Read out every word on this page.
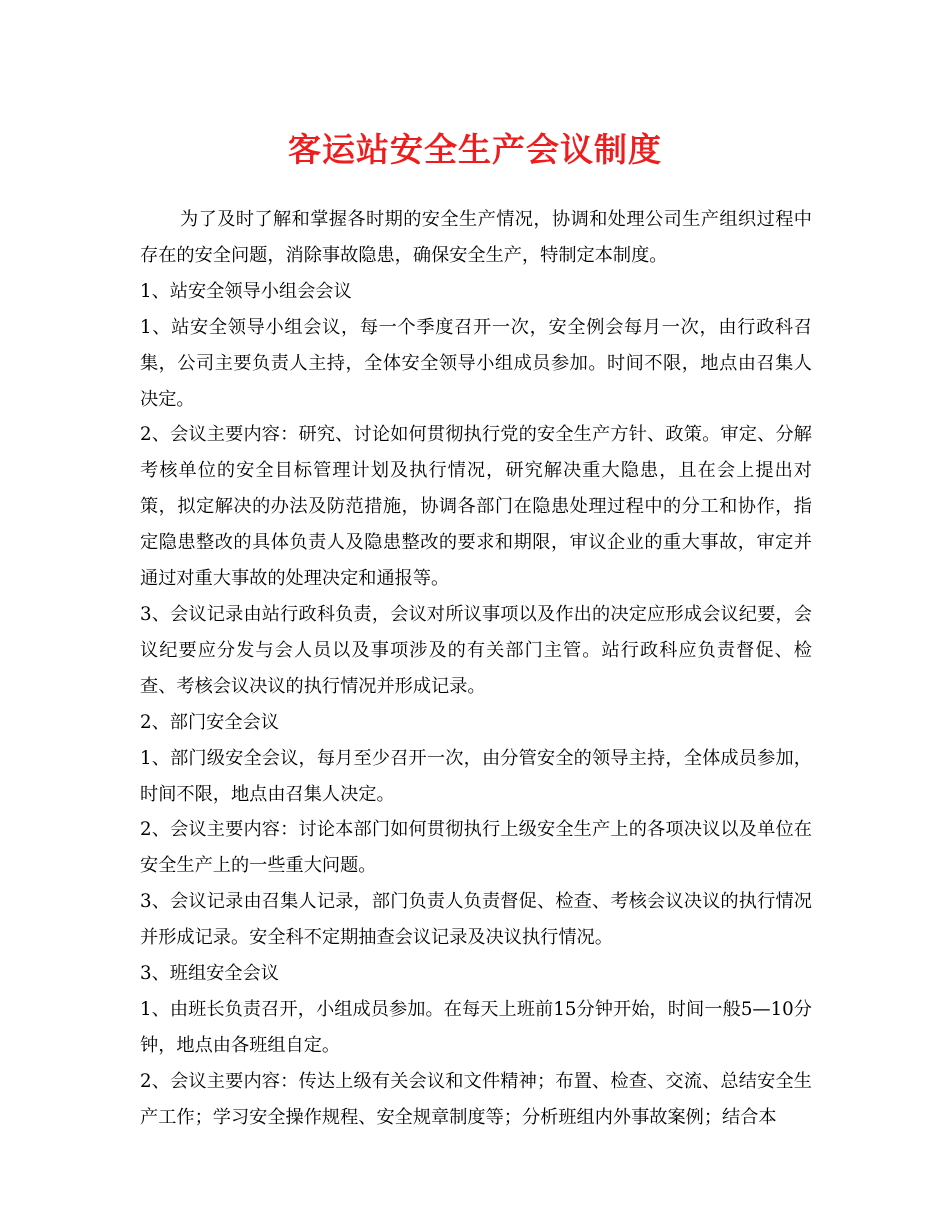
客运站安全生产会议制度

为了及时了解和掌握各时期的安全生产情况，协调和处理公司生产组织过程中存在的安全问题，消除事故隐患，确保安全生产，特制定本制度。

1、站安全领导小组会会议

1、站安全领导小组会议，每一个季度召开一次，安全例会每月一次，由行政科召集，公司主要负责人主持，全体安全领导小组成员参加。时间不限，地点由召集人决定。

2、会议主要内容：研究、讨论如何贯彻执行党的安全生产方针、政策。审定、分解考核单位的安全目标管理计划及执行情况，研究解决重大隐患，且在会上提出对策，拟定解决的办法及防范措施，协调各部门在隐患处理过程中的分工和协作，指定隐患整改的具体负责人及隐患整改的要求和期限，审议企业的重大事故，审定并通过对重大事故的处理决定和通报等。

3、会议记录由站行政科负责，会议对所议事项以及作出的决定应形成会议纪要，会议纪要应分发与会人员以及事项涉及的有关部门主管。站行政科应负责督促、检查、考核会议决议的执行情况并形成记录。

2、部门安全会议

1、部门级安全会议，每月至少召开一次，由分管安全的领导主持，全体成员参加，时间不限，地点由召集人决定。

2、会议主要内容：讨论本部门如何贯彻执行上级安全生产上的各项决议以及单位在安全生产上的一些重大问题。

3、会议记录由召集人记录，部门负责人负责督促、检查、考核会议决议的执行情况并形成记录。安全科不定期抽查会议记录及决议执行情况。

3、班组安全会议

1、由班长负责召开，小组成员参加。在每天上班前15分钟开始，时间一般5—10分钟，地点由各班组自定。

2、会议主要内容：传达上级有关会议和文件精神；布置、检查、交流、总结安全生产工作；学习安全操作规程、安全规章制度等；分析班组内外事故案例；结合本
